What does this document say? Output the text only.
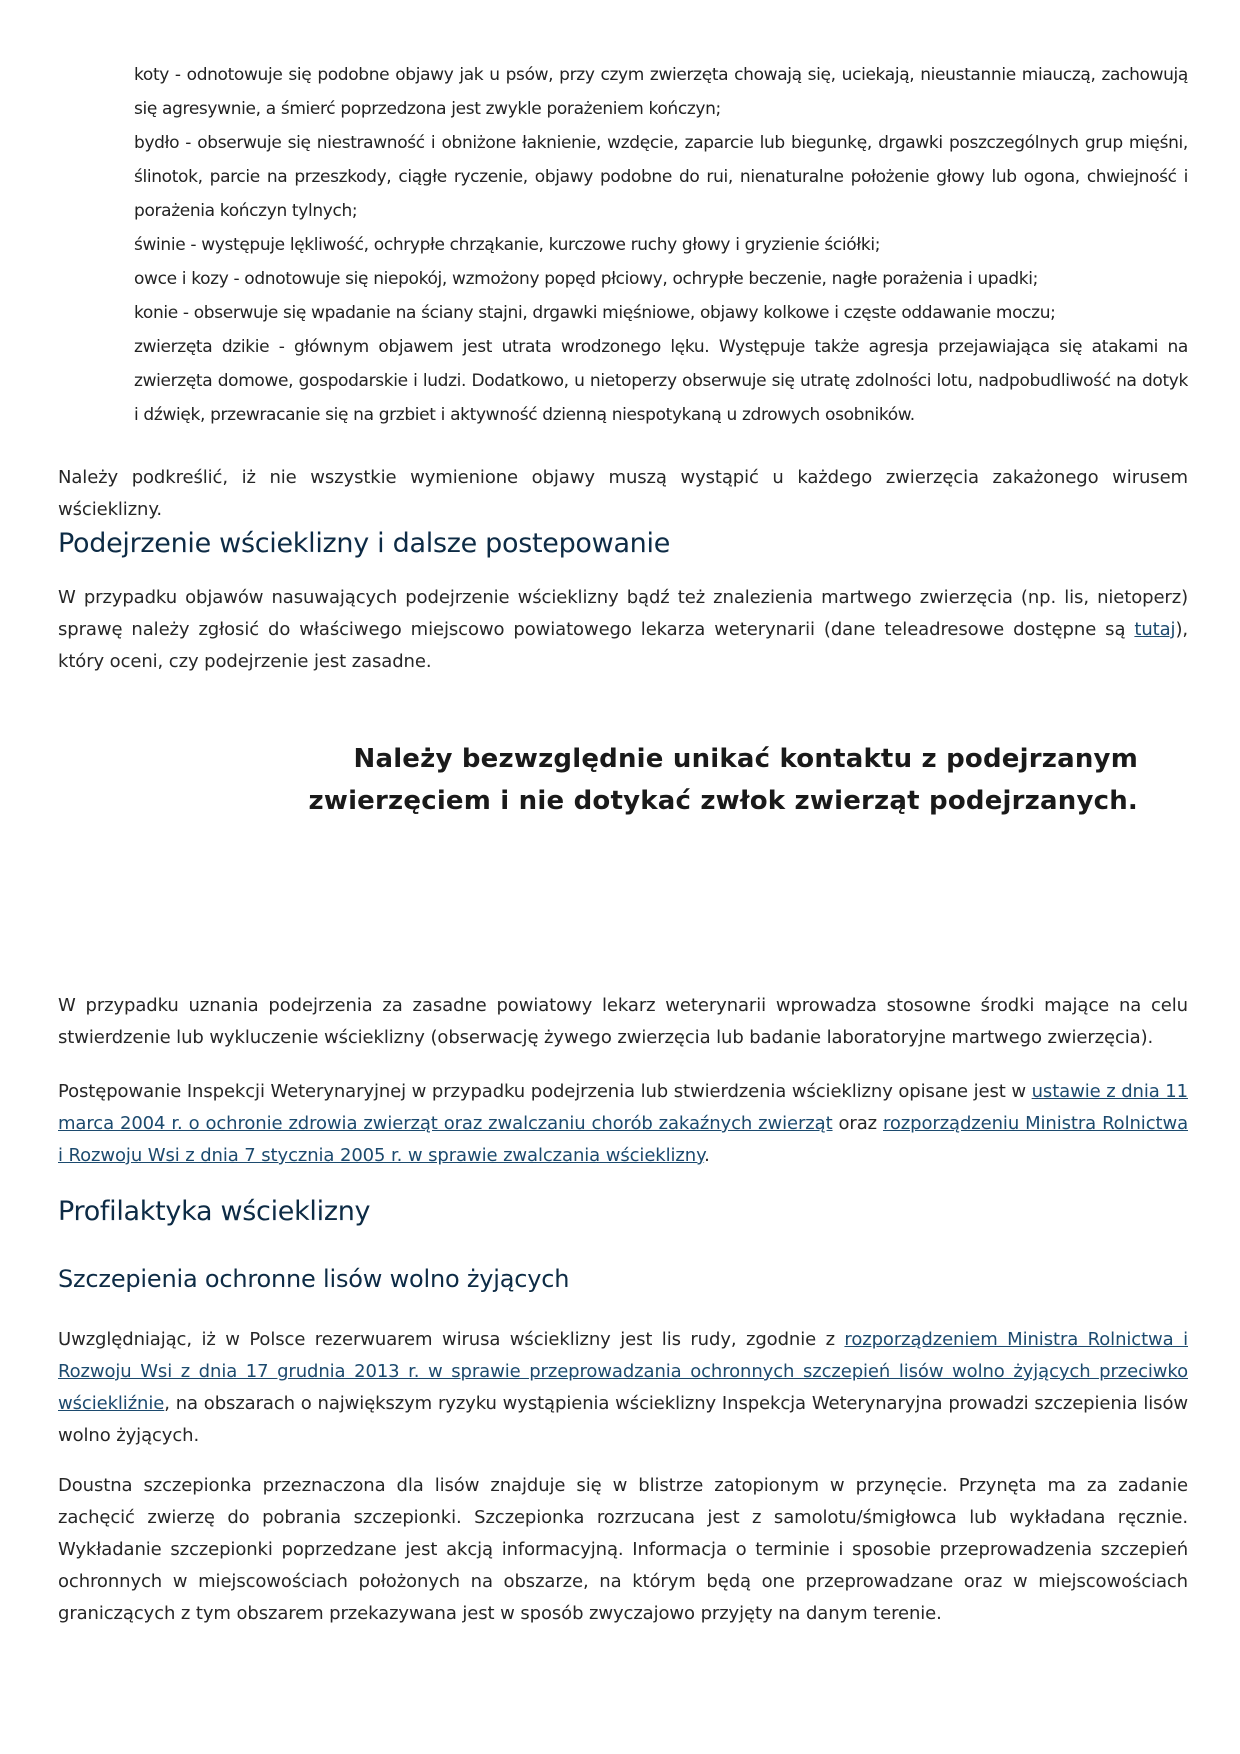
koty - odnotowuje się podobne objawy jak u psów, przy czym zwierzęta chowają się, uciekają, nieustannie miauczą, zachowują się agresywnie, a śmierć poprzedzona jest zwykle porażeniem kończyn;

bydło - obserwuje się niestrawność i obniżone łaknienie, wzdęcie, zaparcie lub biegunkę, drgawki poszczególnych grup mięśni, ślinotok, parcie na przeszkody, ciągłe ryczenie, objawy podobne do rui, nienaturalne położenie głowy lub ogona, chwiejność i porażenia kończyn tylnych;

świnie - występuje lękliwość, ochrypłe chrząkanie, kurczowe ruchy głowy i gryzienie ściółki;

owce i kozy - odnotowuje się niepokój, wzmożony popęd płciowy, ochrypłe beczenie, nagłe porażenia i upadki;

konie - obserwuje się wpadanie na ściany stajni, drgawki mięśniowe, objawy kolkowe i częste oddawanie moczu;

zwierzęta dzikie - głównym objawem jest utrata wrodzonego lęku. Występuje także agresja przejawiająca się atakami na zwierzęta domowe, gospodarskie i ludzi. Dodatkowo, u nietoperzy obserwuje się utratę zdolności lotu, nadpobudliwość na dotyk i dźwięk, przewracanie się na grzbiet i aktywność dzienną niespotykaną u zdrowych osobników.

Należy podkreślić, iż nie wszystkie wymienione objawy muszą wystąpić u każdego zwierzęcia zakażonego wirusem wścieklizny.

Podejrzenie wścieklizny i dalsze postepowanie

W przypadku objawów nasuwających podejrzenie wścieklizny bądź też znalezienia martwego zwierzęcia (np. lis, nietoperz) sprawę należy zgłosić do właściwego miejscowo powiatowego lekarza weterynarii (dane teleadresowe dostępne są tutaj), który oceni, czy podejrzenie jest zasadne.

Należy bezwzględnie unikać kontaktu z podejrzanym
zwierzęciem i nie dotykać zwłok zwierząt podejrzanych.

W przypadku uznania podejrzenia za zasadne powiatowy lekarz weterynarii wprowadza stosowne środki mające na celu stwierdzenie lub wykluczenie wścieklizny (obserwację żywego zwierzęcia lub badanie laboratoryjne martwego zwierzęcia).

Postępowanie Inspekcji Weterynaryjnej w przypadku podejrzenia lub stwierdzenia wścieklizny opisane jest w ustawie z dnia 11 marca 2004 r. o ochronie zdrowia zwierząt oraz zwalczaniu chorób zakaźnych zwierząt oraz rozporządzeniu Ministra Rolnictwa i Rozwoju Wsi z dnia 7 stycznia 2005 r. w sprawie zwalczania wścieklizny.

Profilaktyka wścieklizny
Szczepienia ochronne lisów wolno żyjących

Uwzględniając, iż w Polsce rezerwuarem wirusa wścieklizny jest lis rudy, zgodnie z rozporządzeniem Ministra Rolnictwa i Rozwoju Wsi z dnia 17 grudnia 2013 r. w sprawie przeprowadzania ochronnych szczepień lisów wolno żyjących przeciwko wściekliźnie, na obszarach o największym ryzyku wystąpienia wścieklizny Inspekcja Weterynaryjna prowadzi szczepienia lisów wolno żyjących.

Doustna szczepionka przeznaczona dla lisów znajduje się w blistrze zatopionym w przynęcie. Przynęta ma za zadanie zachęcić zwierzę do pobrania szczepionki. Szczepionka rozrzucana jest z samolotu/śmigłowca lub wykładana ręcznie. Wykładanie szczepionki poprzedzane jest akcją informacyjną. Informacja o terminie i sposobie przeprowadzenia szczepień ochronnych w miejscowościach położonych na obszarze, na którym będą one przeprowadzane oraz w miejscowościach graniczących z tym obszarem przekazywana jest w sposób zwyczajowo przyjęty na danym terenie.
